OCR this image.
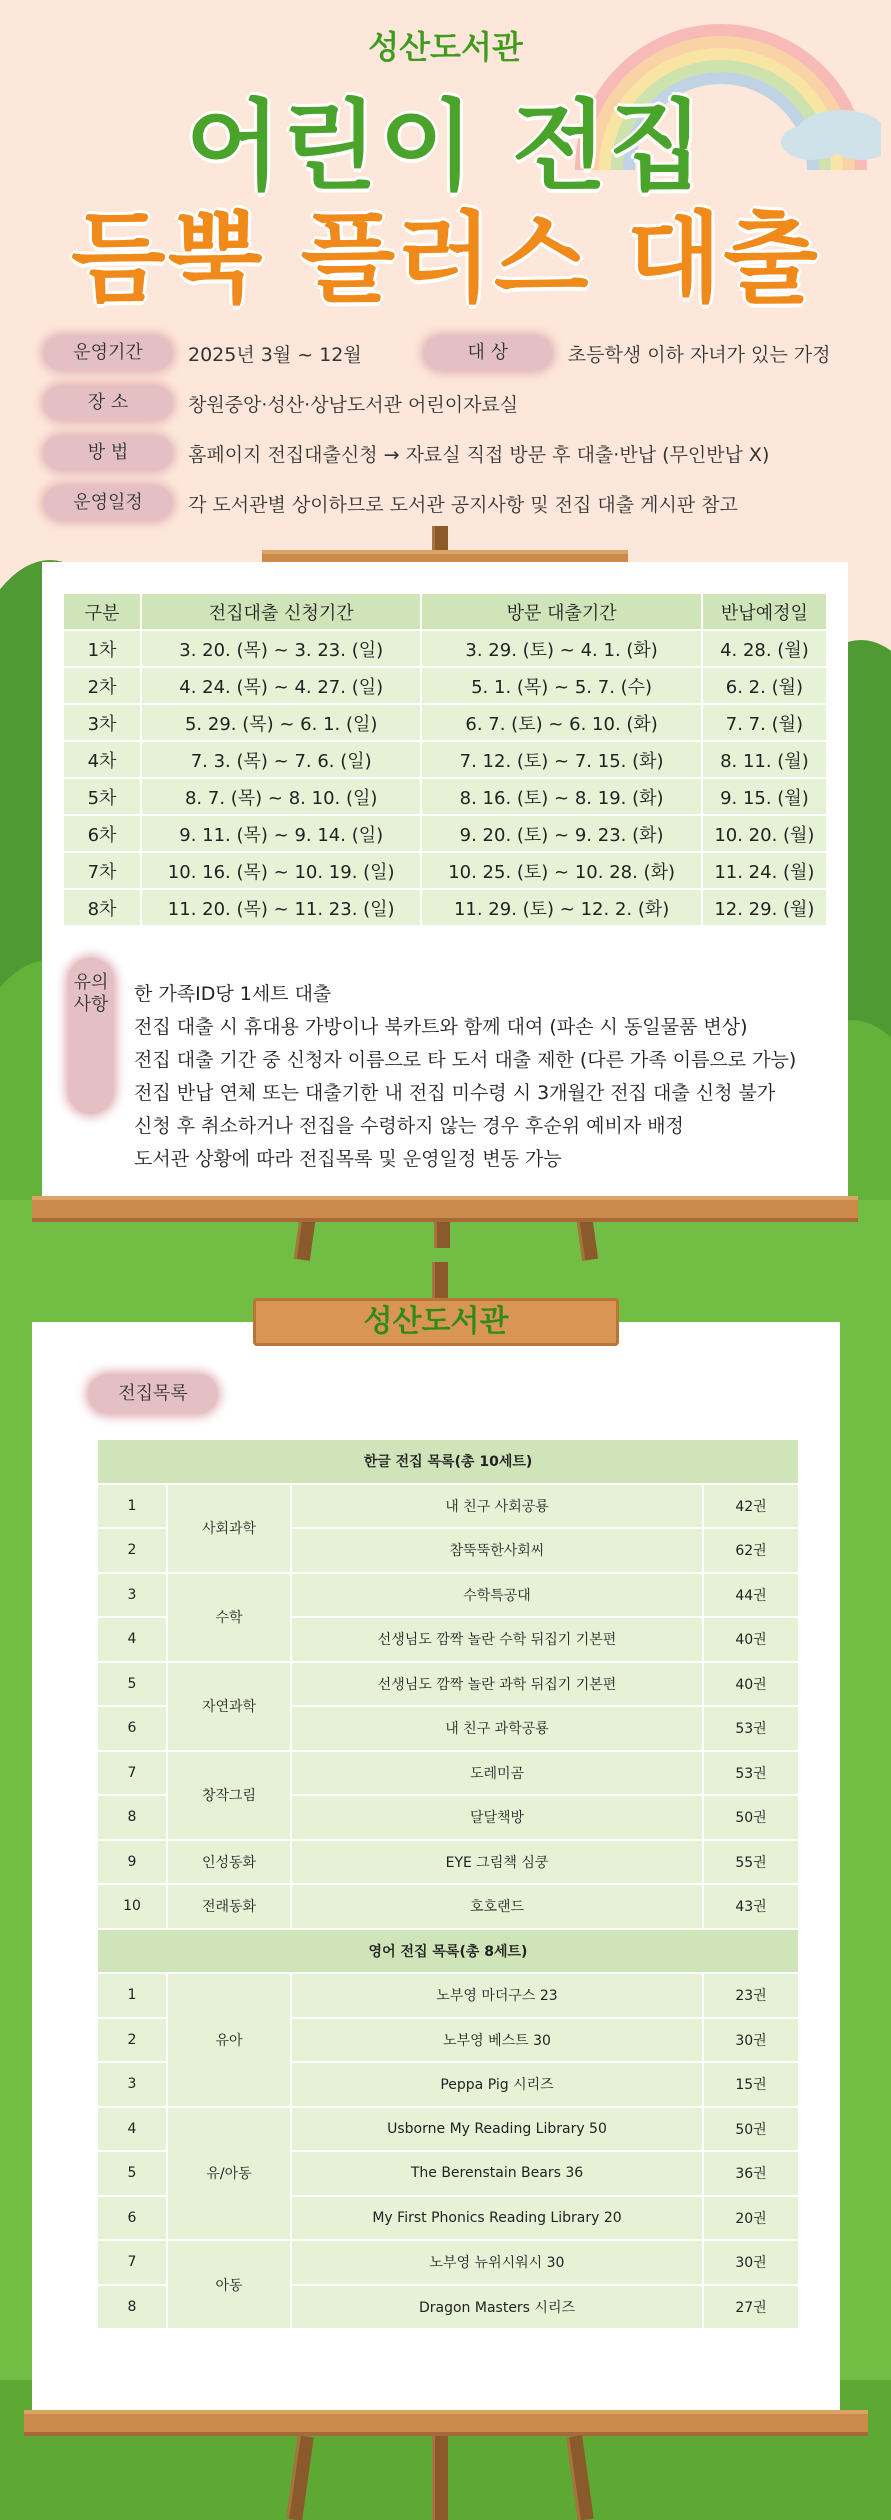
성산도서관
어린이 전집
듬뿍 플러스 대출
운영기간	2025년 3월 ~ 12월	대 상	초등학생 이하 자녀가 있는 가정
장 소	창원중앙·성산·상남도서관 어린이자료실
방 법	홈페이지 전집대출신청 → 자료실 직접 방문 후 대출·반납 (무인반납 X)
운영일정	각 도서관별 상이하므로 도서관 공지사항 및 전집 대출 게시판 참고
구분	전집대출 신청기간	방문 대출기간	반납예정일
1차	3. 20. (목) ~ 3. 23. (일)	3. 29. (토) ~ 4. 1. (화)	4. 28. (월)
2차	4. 24. (목) ~ 4. 27. (일)	5. 1. (목) ~ 5. 7. (수)	6. 2. (월)
3차	5. 29. (목) ~ 6. 1. (일)	6. 7. (토) ~ 6. 10. (화)	7. 7. (월)
4차	7. 3. (목) ~ 7. 6. (일)	7. 12. (토) ~ 7. 15. (화)	8. 11. (월)
5차	8. 7. (목) ~ 8. 10. (일)	8. 16. (토) ~ 8. 19. (화)	9. 15. (월)
6차	9. 11. (목) ~ 9. 14. (일)	9. 20. (토) ~ 9. 23. (화)	10. 20. (월)
7차	10. 16. (목) ~ 10. 19. (일)	10. 25. (토) ~ 10. 28. (화)	11. 24. (월)
8차	11. 20. (목) ~ 11. 23. (일)	11. 29. (토) ~ 12. 2. (화)	12. 29. (월)
유의사항 한 가족ID당 1세트 대출
전집 대출 시 휴대용 가방이나 북카트와 함께 대여 (파손 시 동일물품 변상)
전집 대출 기간 중 신청자 이름으로 타 도서 대출 제한 (다른 가족 이름으로 가능)
전집 반납 연체 또는 대출기한 내 전집 미수령 시 3개월간 전집 대출 신청 불가
신청 후 취소하거나 전집을 수령하지 않는 경우 후순위 예비자 배정
도서관 상황에 따라 전집목록 및 운영일정 변동 가능
성산도서관
전집목록
한글 전집 목록(총 10세트)			
1	사회과학	내 친구 사회공룡	42권
2		참뚝뚝한사회씨	62권
3	수학	수학특공대	44권
4		선생님도 깜짝 놀란 수학 뒤집기 기본편	40권
5	자연과학	선생님도 깜짝 놀란 과학 뒤집기 기본편	40권
6		내 친구 과학공룡	53권
7	창작그림	도레미곰	53권
8		달달책방	50권
9	인성동화	EYE 그림책 심쿵	55권
10	전래동화	호호랜드	43권
영어 전집 목록(총 8세트)			
1	유아	노부영 마더구스 23	23권
2		노부영 베스트 30	30권
3		Peppa Pig 시리즈	15권
4	유/아동	Usborne My Reading Library 50	50권
5		The Berenstain Bears 36	36권
6		My First Phonics Reading Library 20	20권
7	아동	노부영 뉴위시워시 30	30권
8		Dragon Masters 시리즈	27권
